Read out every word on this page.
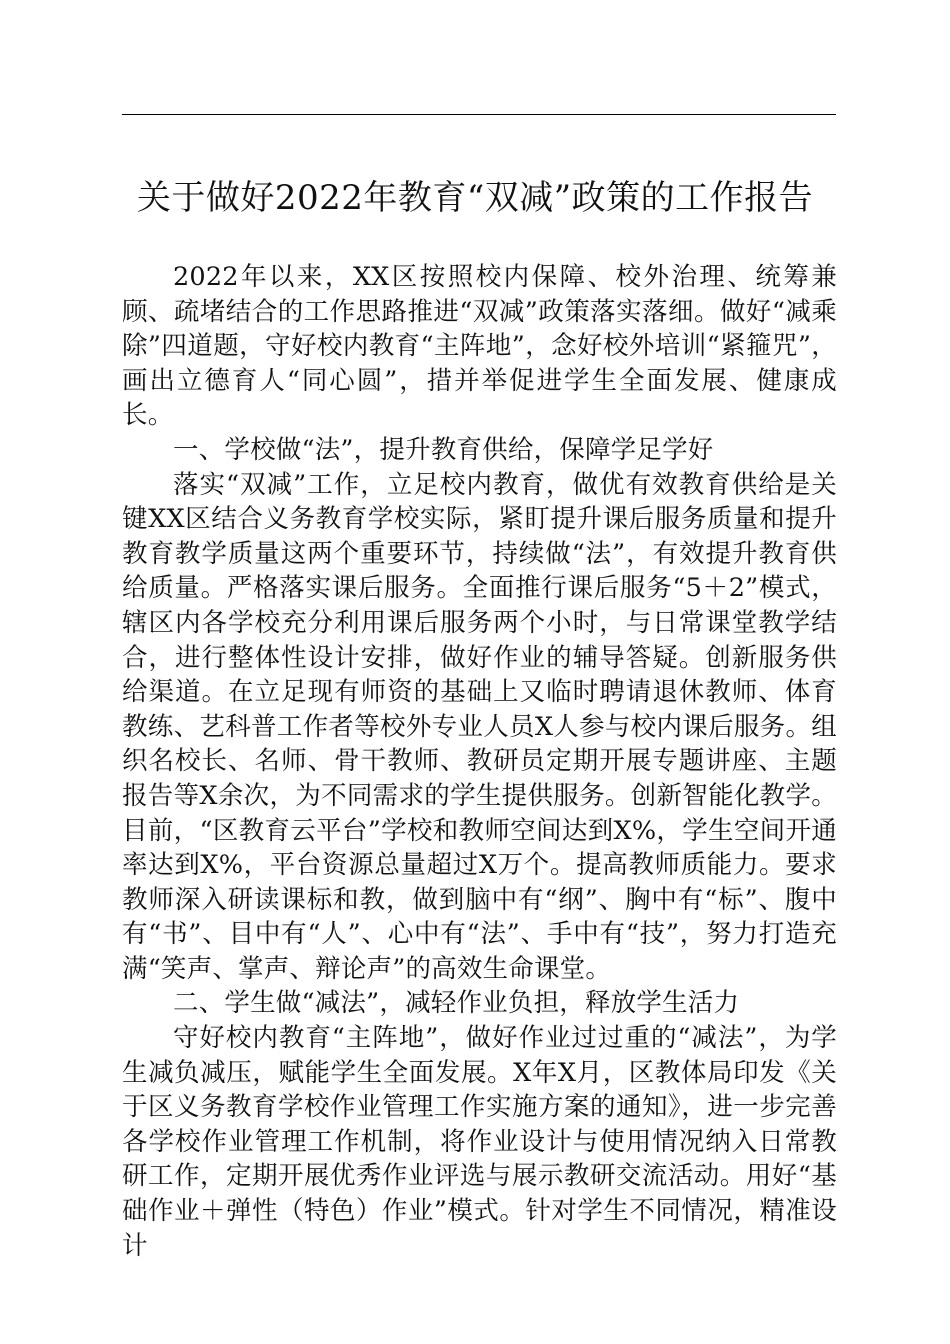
关于做好2022年教育“双减”政策的工作报告

2022年以来，XX区按照校内保障、校外治理、统筹兼顾、疏堵结合的工作思路推进“双减”政策落实落细。做好“减乘除”四道题，守好校内教育“主阵地”，念好校外培训“紧箍咒”，画出立德育人“同心圆”，措并举促进学生全面发展、健康成长。

一、学校做“法”，提升教育供给，保障学足学好

落实“双减”工作，立足校内教育，做优有效教育供给是关键XX区结合义务教育学校实际，紧盯提升课后服务质量和提升教育教学质量这两个重要环节，持续做“法”，有效提升教育供给质量。严格落实课后服务。全面推行课后服务“5＋2”模式，辖区内各学校充分利用课后服务两个小时，与日常课堂教学结合，进行整体性设计安排，做好作业的辅导答疑。创新服务供给渠道。在立足现有师资的基础上又临时聘请退休教师、体育教练、艺科普工作者等校外专业人员X人参与校内课后服务。组织名校长、名师、骨干教师、教研员定期开展专题讲座、主题报告等X余次，为不同需求的学生提供服务。创新智能化教学。目前，“区教育云平台”学校和教师空间达到X%，学生空间开通率达到X%，平台资源总量超过X万个。提高教师质能力。要求教师深入研读课标和教，做到脑中有“纲”、胸中有“标”、腹中有“书”、目中有“人”、心中有“法”、手中有“技”，努力打造充满“笑声、掌声、辩论声”的高效生命课堂。

二、学生做“减法”，减轻作业负担，释放学生活力

守好校内教育“主阵地”，做好作业过过重的“减法”，为学生减负减压，赋能学生全面发展。X年X月，区教体局印发《关于区义务教育学校作业管理工作实施方案的通知》，进一步完善各学校作业管理工作机制，将作业设计与使用情况纳入日常教研工作，定期开展优秀作业评选与展示教研交流活动。用好“基础作业＋弹性（特色）作业”模式。针对学生不同情况，精准设计
